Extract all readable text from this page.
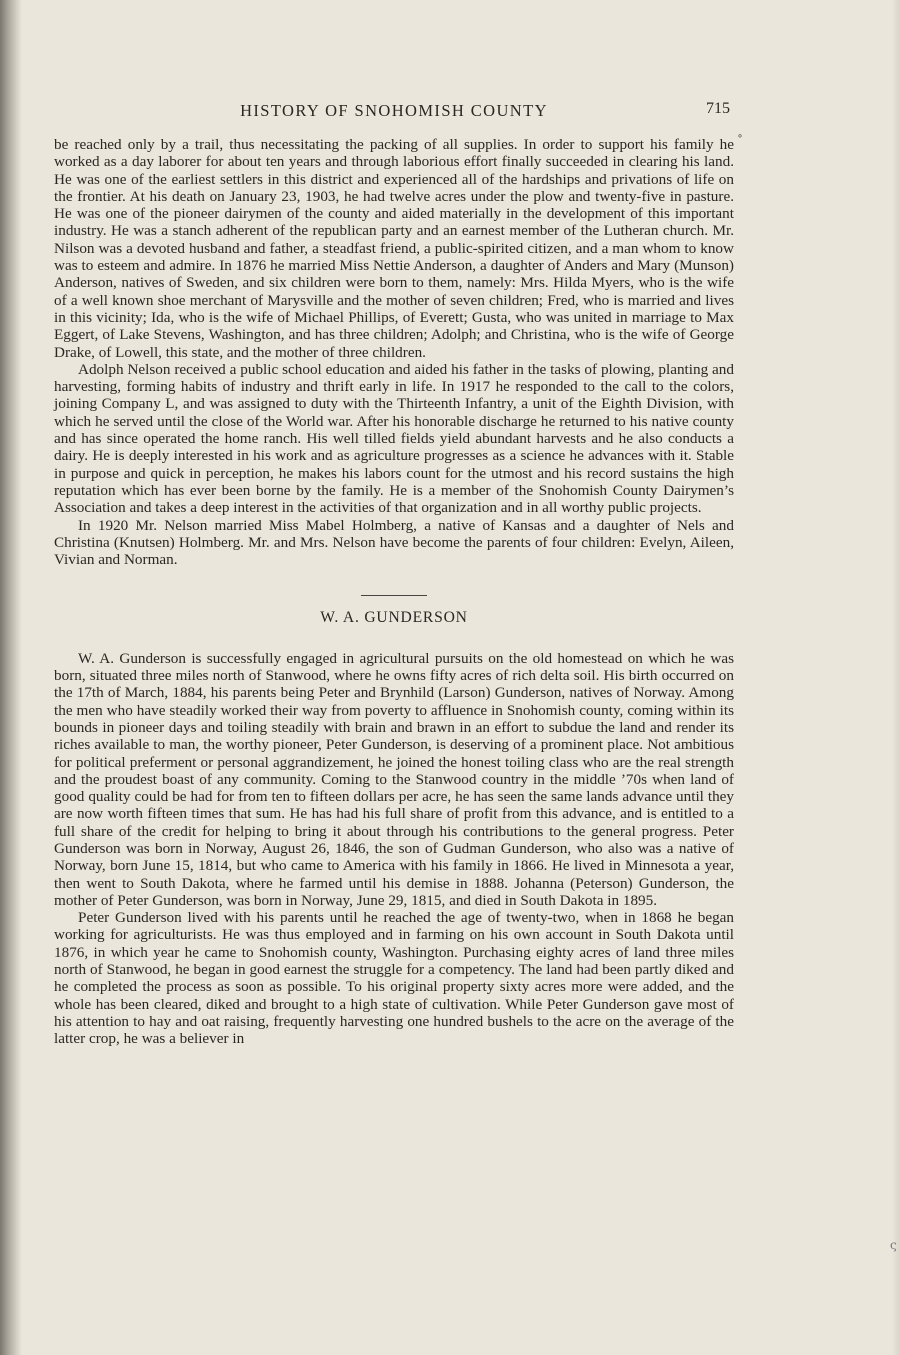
HISTORY OF SNOHOMISH COUNTY	715

be reached only by a trail, thus necessitating the packing of all supplies. In order to support his family he worked as a day laborer for about ten years and through laborious effort finally succeeded in clearing his land. He was one of the earliest settlers in this district and experienced all of the hardships and privations of life on the frontier. At his death on January 23, 1903, he had twelve acres under the plow and twenty-five in pasture. He was one of the pioneer dairymen of the county and aided materially in the development of this important industry. He was a stanch adherent of the republican party and an earnest member of the Lutheran church. Mr. Nilson was a devoted husband and father, a steadfast friend, a public-spirited citizen, and a man whom to know was to esteem and admire. In 1876 he married Miss Nettie Anderson, a daughter of Anders and Mary (Munson) Anderson, natives of Sweden, and six children were born to them, namely: Mrs. Hilda Myers, who is the wife of a well known shoe merchant of Marysville and the mother of seven children; Fred, who is married and lives in this vicinity; Ida, who is the wife of Michael Phillips, of Everett; Gusta, who was united in marriage to Max Eggert, of Lake Stevens, Washington, and has three children; Adolph; and Christina, who is the wife of George Drake, of Lowell, this state, and the mother of three children.

Adolph Nelson received a public school education and aided his father in the tasks of plowing, planting and harvesting, forming habits of industry and thrift early in life. In 1917 he responded to the call to the colors, joining Company L, and was assigned to duty with the Thirteenth Infantry, a unit of the Eighth Division, with which he served until the close of the World war. After his honorable discharge he returned to his native county and has since operated the home ranch. His well tilled fields yield abundant harvests and he also conducts a dairy. He is deeply interested in his work and as agriculture progresses as a science he advances with it. Stable in purpose and quick in perception, he makes his labors count for the utmost and his record sustains the high reputation which has ever been borne by the family. He is a member of the Snohomish County Dairymen’s Association and takes a deep interest in the activities of that organization and in all worthy public projects.

In 1920 Mr. Nelson married Miss Mabel Holmberg, a native of Kansas and a daughter of Nels and Christina (Knutsen) Holmberg. Mr. and Mrs. Nelson have become the parents of four children: Evelyn, Aileen, Vivian and Norman.

W. A. GUNDERSON

W. A. Gunderson is successfully engaged in agricultural pursuits on the old homestead on which he was born, situated three miles north of Stanwood, where he owns fifty acres of rich delta soil. His birth occurred on the 17th of March, 1884, his parents being Peter and Brynhild (Larson) Gunderson, natives of Norway. Among the men who have steadily worked their way from poverty to affluence in Snohomish county, coming within its bounds in pioneer days and toiling steadily with brain and brawn in an effort to subdue the land and render its riches available to man, the worthy pioneer, Peter Gunderson, is deserving of a prominent place. Not ambitious for political preferment or personal aggrandizement, he joined the honest toiling class who are the real strength and the proudest boast of any community. Coming to the Stanwood country in the middle ’70s when land of good quality could be had for from ten to fifteen dollars per acre, he has seen the same lands advance until they are now worth fifteen times that sum. He has had his full share of profit from this advance, and is entitled to a full share of the credit for helping to bring it about through his contributions to the general progress. Peter Gunderson was born in Norway, August 26, 1846, the son of Gudman Gunderson, who also was a native of Norway, born June 15, 1814, but who came to America with his family in 1866. He lived in Minnesota a year, then went to South Dakota, where he farmed until his demise in 1888. Johanna (Peterson) Gunderson, the mother of Peter Gunderson, was born in Norway, June 29, 1815, and died in South Dakota in 1895.

Peter Gunderson lived with his parents until he reached the age of twenty-two, when in 1868 he began working for agriculturists. He was thus employed and in farming on his own account in South Dakota until 1876, in which year he came to Snohomish county, Washington. Purchasing eighty acres of land three miles north of Stanwood, he began in good earnest the struggle for a competency. The land had been partly diked and he completed the process as soon as possible. To his original property sixty acres more were added, and the whole has been cleared, diked and brought to a high state of cultivation. While Peter Gunderson gave most of his attention to hay and oat raising, frequently harvesting one hundred bushels to the acre on the average of the latter crop, he was a believer in

˚
ς
